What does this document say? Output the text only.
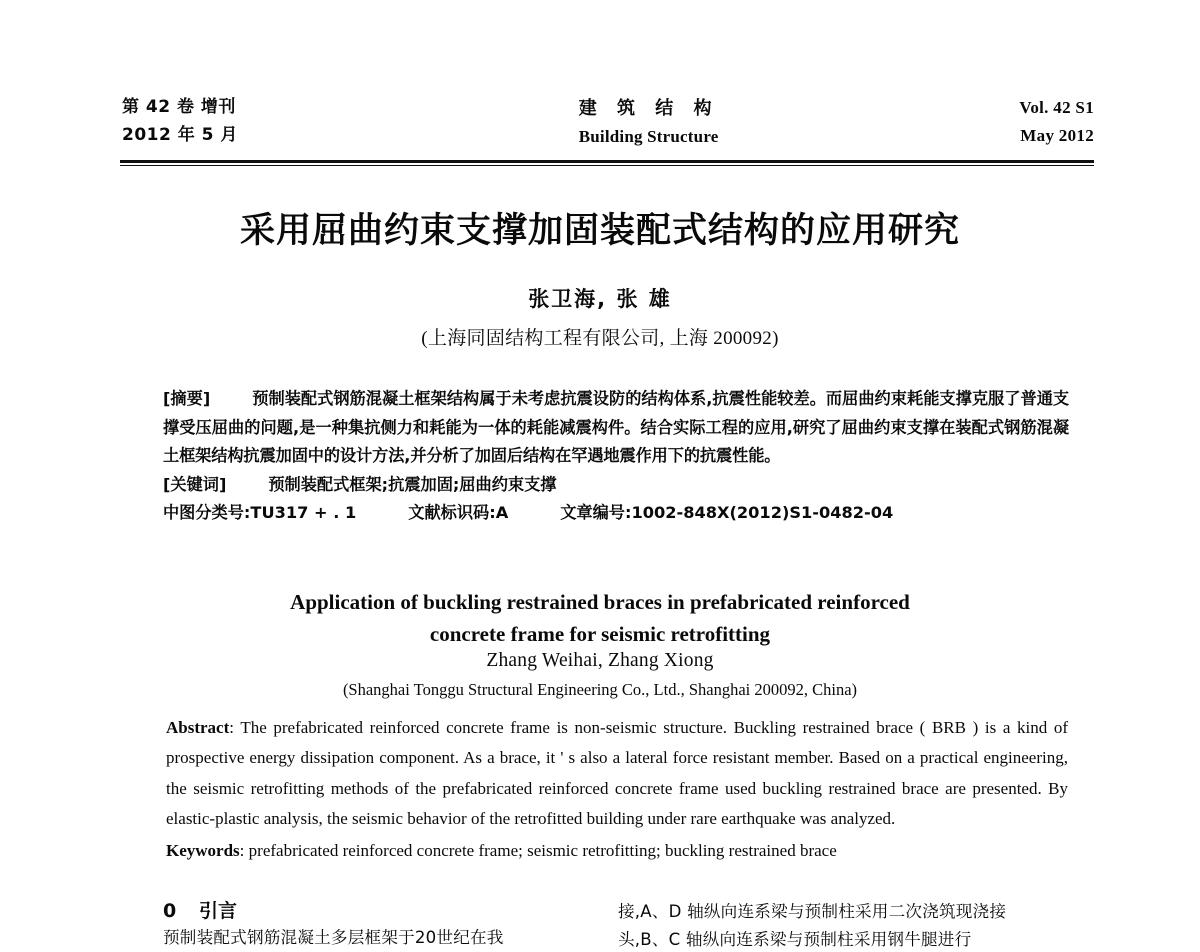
第 42 卷 增刊
2012 年 5 月
建 筑 结 构
Building Structure
Vol. 42 S1
May 2012
采用屈曲约束支撑加固装配式结构的应用研究
张卫海, 张 雄
(上海同固结构工程有限公司, 上海 200092)

[摘要]	预制装配式钢筋混凝土框架结构属于未考虑抗震设防的结构体系,抗震性能较差。而屈曲约束耗能支撑克服了普通支撑受压屈曲的问题,是一种集抗侧力和耗能为一体的耗能减震构件。结合实际工程的应用,研究了屈曲约束支撑在装配式钢筋混凝土框架结构抗震加固中的设计方法,并分析了加固后结构在罕遇地震作用下的抗震性能。

[关键词]	预制装配式框架;抗震加固;屈曲约束支撑

中图分类号:TU317 + . 1	文献标识码:A	文章编号:1002-848X(2012)S1-0482-04

Application of buckling restrained braces in prefabricated reinforced
concrete frame for seismic retrofitting
Zhang Weihai, Zhang Xiong
(Shanghai Tonggu Structural Engineering Co., Ltd., Shanghai 200092, China)

Abstract: The prefabricated reinforced concrete frame is non-seismic structure. Buckling restrained brace ( BRB ) is a kind of prospective energy dissipation component. As a brace, it ' s also a lateral force resistant member. Based on a practical engineering, the seismic retrofitting methods of the prefabricated reinforced concrete frame used buckling restrained brace are presented. By elastic-plastic analysis, the seismic behavior of the retrofitted building under rare earthquake was analyzed.

Keywords: prefabricated reinforced concrete frame; seismic retrofitting; buckling restrained brace

0 引言

预制装配式钢筋混凝土多层框架于20世纪在我

接,A、D 轴纵向连系梁与预制柱采用二次浇筑现浇接

头,B、C 轴纵向连系梁与预制柱采用钢牛腿进行
